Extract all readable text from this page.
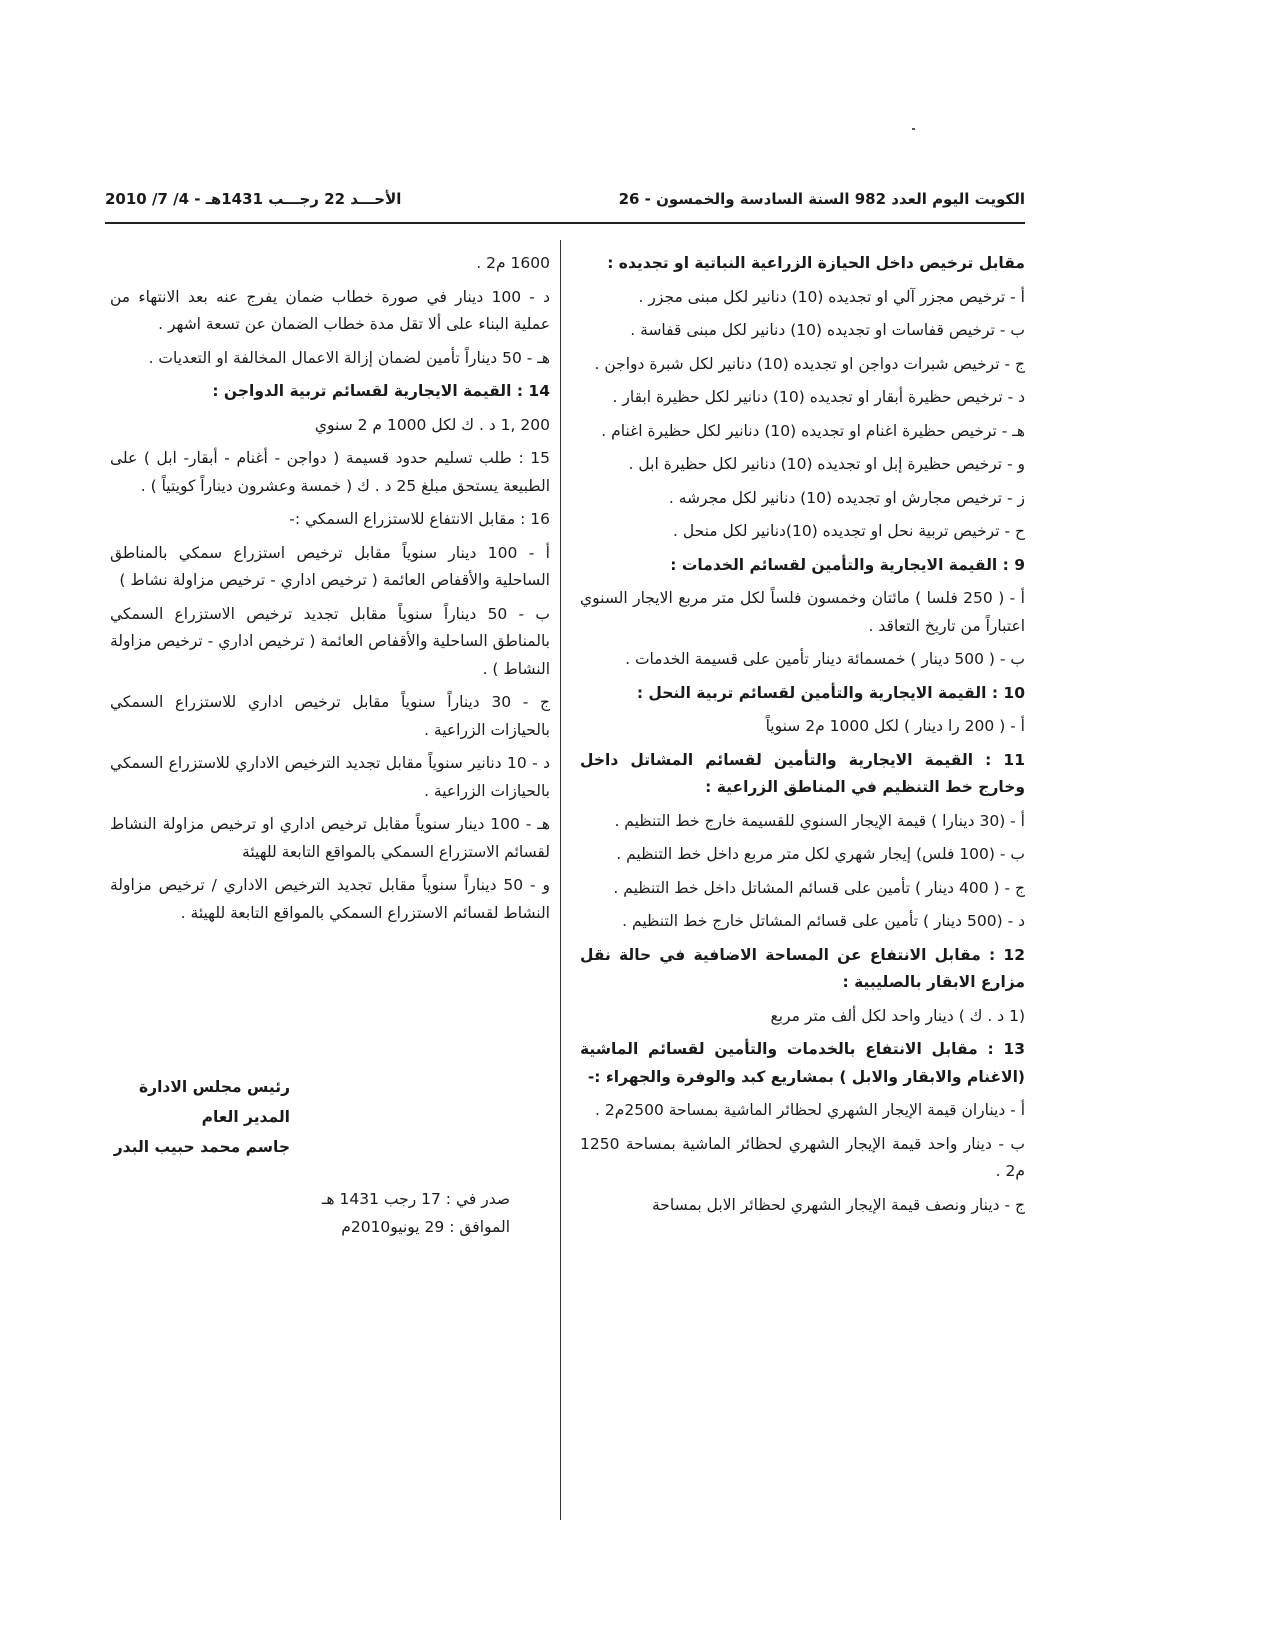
الكويت اليوم العدد 982 السنة السادسة والخمسون - 26
الأحـــد 22 رجـــب 1431هـ - 4/ 7/ 2010

مقابل ترخيص داخل الحيازة الزراعية النباتية او تجديده :

أ - ترخيص مجزر آلي او تجديده (10) دنانير لكل مبنى مجزر .

ب - ترخيص قفاسات او تجديده (10) دنانير لكل مبنى قفاسة .

ج - ترخيص شبرات دواجن او تجديده (10) دنانير لكل شبرة دواجن .

د - ترخيص حظيرة أبقار او تجديده (10) دنانير لكل حظيرة ابقار .

هـ - ترخيص حظيرة اغنام او تجديده (10) دنانير لكل حظيرة اغنام .

و - ترخيص حظيرة إبل او تجديده (10) دنانير لكل حظيرة ابل .

ز - ترخيص مجارش او تجديده (10) دنانير لكل مجرشه .

ح - ترخيص تربية نحل او تجديده (10)دنانير لكل منحل .

9 : القيمة الايجارية والتأمين لقسائم الخدمات :

أ - ( 250 فلسا ) مائتان وخمسون فلساً لكل متر مربع الايجار السنوي اعتباراً من تاريخ التعاقد .

ب - ( 500 دينار ) خمسمائة دينار تأمين على قسيمة الخدمات .

10 : القيمة الايجارية والتأمين لقسائم تربية النحل :

أ - ( 200 را دينار ) لكل 1000 م2 سنوياً

11 : القيمة الايجارية والتأمين لقسائم المشاتل داخل وخارج خط التنظيم في المناطق الزراعية :

أ - (30 دينارا ) قيمة الإيجار السنوي للقسيمة خارج خط التنظيم .

ب - (100 فلس) إيجار شهري لكل متر مربع داخل خط التنظيم .

ج - ( 400 دينار ) تأمين على قسائم المشاتل داخل خط التنظيم .

د - (500 دينار ) تأمين على قسائم المشاتل خارج خط التنظيم .

12 : مقابل الانتفاع عن المساحة الاضافية في حالة نقل مزارع الابقار بالصليبية :

(1 د . ك ) دينار واحد لكل ألف متر مربع

13 : مقابل الانتفاع بالخدمات والتأمين لقسائم الماشية (الاغنام والابقار والابل ) بمشاريع كبد والوفرة والجهراء :-

أ - ديناران قيمة الإيجار الشهري لحظائر الماشية بمساحة 2500م2 .

ب - دينار واحد قيمة الإيجار الشهري لحظائر الماشية بمساحة 1250 م2 .

ج - دينار ونصف قيمة الإيجار الشهري لحظائر الابل بمساحة

1600 م2 .

د - 100 دينار في صورة خطاب ضمان يفرج عنه بعد الانتهاء من عملية البناء على ألا تقل مدة خطاب الضمان عن تسعة اشهر .

هـ - 50 ديناراً تأمين لضمان إزالة الاعمال المخالفة او التعديات .

14 : القيمة الايجارية لقسائم تربية الدواجن :

200 ,1 د . ك لكل 1000 م 2 سنوي

15 : طلب تسليم حدود قسيمة ( دواجن - أغنام - أبقار- ابل ) على الطبيعة يستحق مبلغ 25 د . ك ( خمسة وعشرون ديناراً كويتياً ) .

16 : مقابل الانتفاع للاستزراع السمكي :-

أ - 100 دينار سنوياً مقابل ترخيص استزراع سمكي بالمناطق الساحلية والأقفاص العائمة ( ترخيص اداري - ترخيص مزاولة نشاط )

ب - 50 ديناراً سنوياً مقابل تجديد ترخيص الاستزراع السمكي بالمناطق الساحلية والأقفاص العائمة ( ترخيص اداري - ترخيص مزاولة النشاط ) .

ج - 30 ديناراً سنوياً مقابل ترخيص اداري للاستزراع السمكي بالحيازات الزراعية .

د - 10 دنانير سنوياً مقابل تجديد الترخيص الاداري للاستزراع السمكي بالحيازات الزراعية .

هـ - 100 دينار سنوياً مقابل ترخيص اداري او ترخيص مزاولة النشاط لقسائم الاستزراع السمكي بالمواقع التابعة للهيئة

و - 50 ديناراً سنوياً مقابل تجديد الترخيص الاداري / ترخيص مزاولة النشاط لقسائم الاستزراع السمكي بالمواقع التابعة للهيئة .

رئيس مجلس الادارة
المدير العام
جاسم محمد حبيب البدر
صدر في : 17 رجب 1431 هـ
الموافق : 29 يونيو2010م
